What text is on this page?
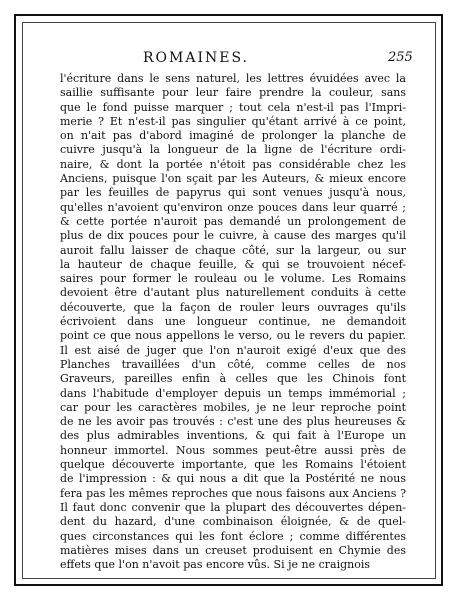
ROMAINES.	255
l'écriture dans le sens naturel, les lettres évuidées avec la
saillie suffisante pour leur faire prendre la couleur, sans
que le fond puisse marquer ; tout cela n'est-il pas l'Impri-
merie ? Et n'est-il pas singulier qu'étant arrivé à ce point,
on n'ait pas d'abord imaginé de prolonger la planche de
cuivre jusqu'à la longueur de la ligne de l'écriture ordi-
naire, & dont la portée n'étoit pas considérable chez les
Anciens, puisque l'on sçait par les Auteurs, & mieux encore
par les feuilles de papyrus qui sont venues jusqu'à nous,
qu'elles n'avoient qu'environ onze pouces dans leur quarré ;
& cette portée n'auroit pas demandé un prolongement de
plus de dix pouces pour le cuivre, à cause des marges qu'il
auroit fallu laisser de chaque côté, sur la largeur, ou sur
la hauteur de chaque feuille, & qui se trouvoient nécef-
saires pour former le rouleau ou le volume. Les Romains
devoient être d'autant plus naturellement conduits à cette
découverte, que la façon de rouler leurs ouvrages qu'ils
écrivoient dans une longueur continue, ne demandoit
point ce que nous appellons le verso, ou le revers du papier.
Il est aisé de juger que l'on n'auroit exigé d'eux que des
Planches travaillées d'un côté, comme celles de nos
Graveurs, pareilles enfin à celles que les Chinois font
dans l'habitude d'employer depuis un temps immémorial ;
car pour les caractères mobiles, je ne leur reproche point
de ne les avoir pas trouvés : c'est une des plus heureuses &
des plus admirables inventions, & qui fait à l'Europe un
honneur immortel. Nous sommes peut-être aussi près de
quelque découverte importante, que les Romains l'étoient
de l'impression : & qui nous a dit que la Postérité ne nous
fera pas les mêmes reproches que nous faisons aux Anciens ?
Il faut donc convenir que la plupart des découvertes dépen-
dent du hazard, d'une combinaison éloignée, & de quel-
ques circonstances qui les font éclore ; comme différentes
matières mises dans un creuset produisent en Chymie des
effets que l'on n'avoit pas encore vûs. Si je ne craignois
